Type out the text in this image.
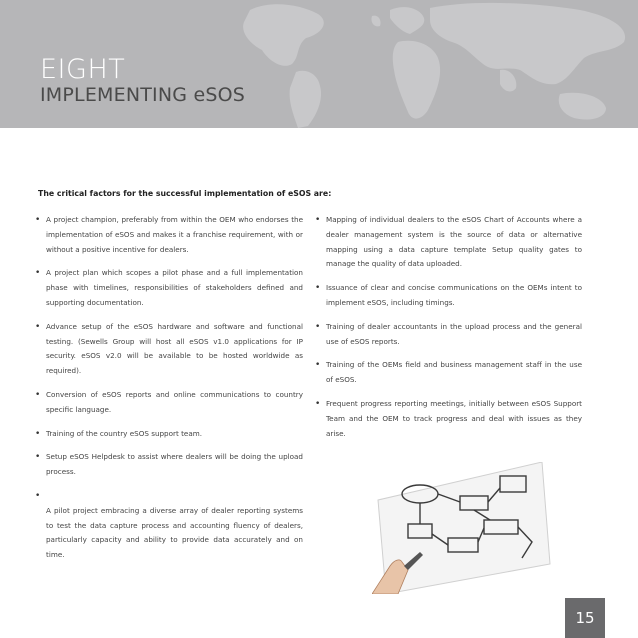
EIGHT
IMPLEMENTING eSOS
The critical factors for the successful implementation of eSOS are:
• A project champion, preferably from within the OEM who endorses the implementation of eSOS and makes it a franchise requirement, with or without a positive incentive for dealers.
• A project plan which scopes a pilot phase and a full implementation phase with timelines, responsibilities of stakeholders defined and supporting documentation.
• Advance setup of the eSOS hardware and software and functional testing. (Sewells Group will host all eSOS v1.0 applications for IP security. eSOS v2.0 will be available to be hosted worldwide as required).
• Conversion of eSOS reports and online communications to country specific language.
• Training of the country eSOS support team.
• Setup eSOS Helpdesk to assist where dealers will be doing the upload process.
•
A pilot project embracing a diverse array of dealer reporting systems to test the data capture process and accounting fluency of dealers, particularly capacity and ability to provide data accurately and on time.
• Mapping of individual dealers to the eSOS Chart of Accounts where a dealer management system is the source of data or alternative mapping using a data capture template Setup quality gates to manage the quality of data uploaded.
• Issuance of clear and concise communications on the OEMs intent to implement eSOS, including timings.
• Training of dealer accountants in the upload process and the general use of eSOS reports.
• Training of the OEMs field and business management staff in the use of eSOS.
• Frequent progress reporting meetings, initially between eSOS Support Team and the OEM to track progress and deal with issues as they arise.
15
